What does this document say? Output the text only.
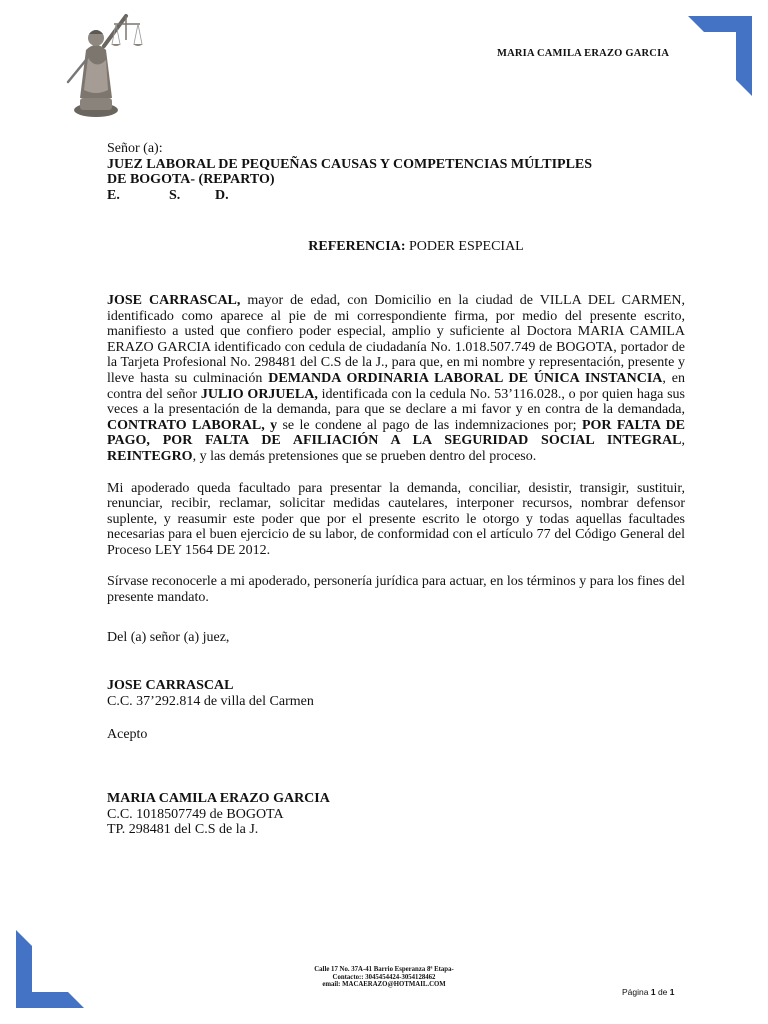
MARIA CAMILA ERAZO GARCIA
Señor (a):
JUEZ LABORAL DE PEQUEÑAS CAUSAS Y COMPETENCIAS MÚLTIPLES
DE BOGOTA- (REPARTO)
E.	S.	D.
REFERENCIA: PODER ESPECIAL

JOSE CARRASCAL, mayor de edad, con Domicilio en la ciudad de VILLA DEL CARMEN, identificado como aparece al pie de mi correspondiente firma, por medio del presente escrito, manifiesto a usted que confiero poder especial, amplio y suficiente al Doctora MARIA CAMILA ERAZO GARCIA identificado con cedula de ciudadanía No. 1.018.507.749 de BOGOTA, portador de la Tarjeta Profesional No. 298481 del C.S de la J., para que, en mi nombre y representación, presente y lleve hasta su culminación DEMANDA ORDINARIA LABORAL DE ÚNICA INSTANCIA, en contra del señor JULIO ORJUELA, identificada con la cedula No. 53’116.028., o por quien haga sus veces a la presentación de la demanda, para que se declare a mi favor y en contra de la demandada, CONTRATO LABORAL, y se le condene al pago de las indemnizaciones por; POR FALTA DE PAGO, POR FALTA DE AFILIACIÓN A LA SEGURIDAD SOCIAL INTEGRAL, REINTEGRO, y las demás pretensiones que se prueben dentro del proceso.

Mi apoderado queda facultado para presentar la demanda, conciliar, desistir, transigir, sustituir, renunciar, recibir, reclamar, solicitar medidas cautelares, interponer recursos, nombrar defensor suplente, y reasumir este poder que por el presente escrito le otorgo y todas aquellas facultades necesarias para el buen ejercicio de su labor, de conformidad con el artículo 77 del Código General del Proceso LEY 1564 DE 2012.

Sírvase reconocerle a mi apoderado, personería jurídica para actuar, en los términos y para los fines del presente mandato.

Del (a) señor (a) juez,
JOSE CARRASCAL
C.C. 37’292.814 de villa del Carmen
Acepto
MARIA CAMILA ERAZO GARCIA
C.C. 1018507749 de BOGOTA
TP. 298481 del C.S de la J.
Calle 17 No. 37A-41 Barrio Esperanza 8ª Etapa-
Contacto:: 3045454424-3054128462
email: MACAERAZO@HOTMAIL.COM
Página 1 de 1
